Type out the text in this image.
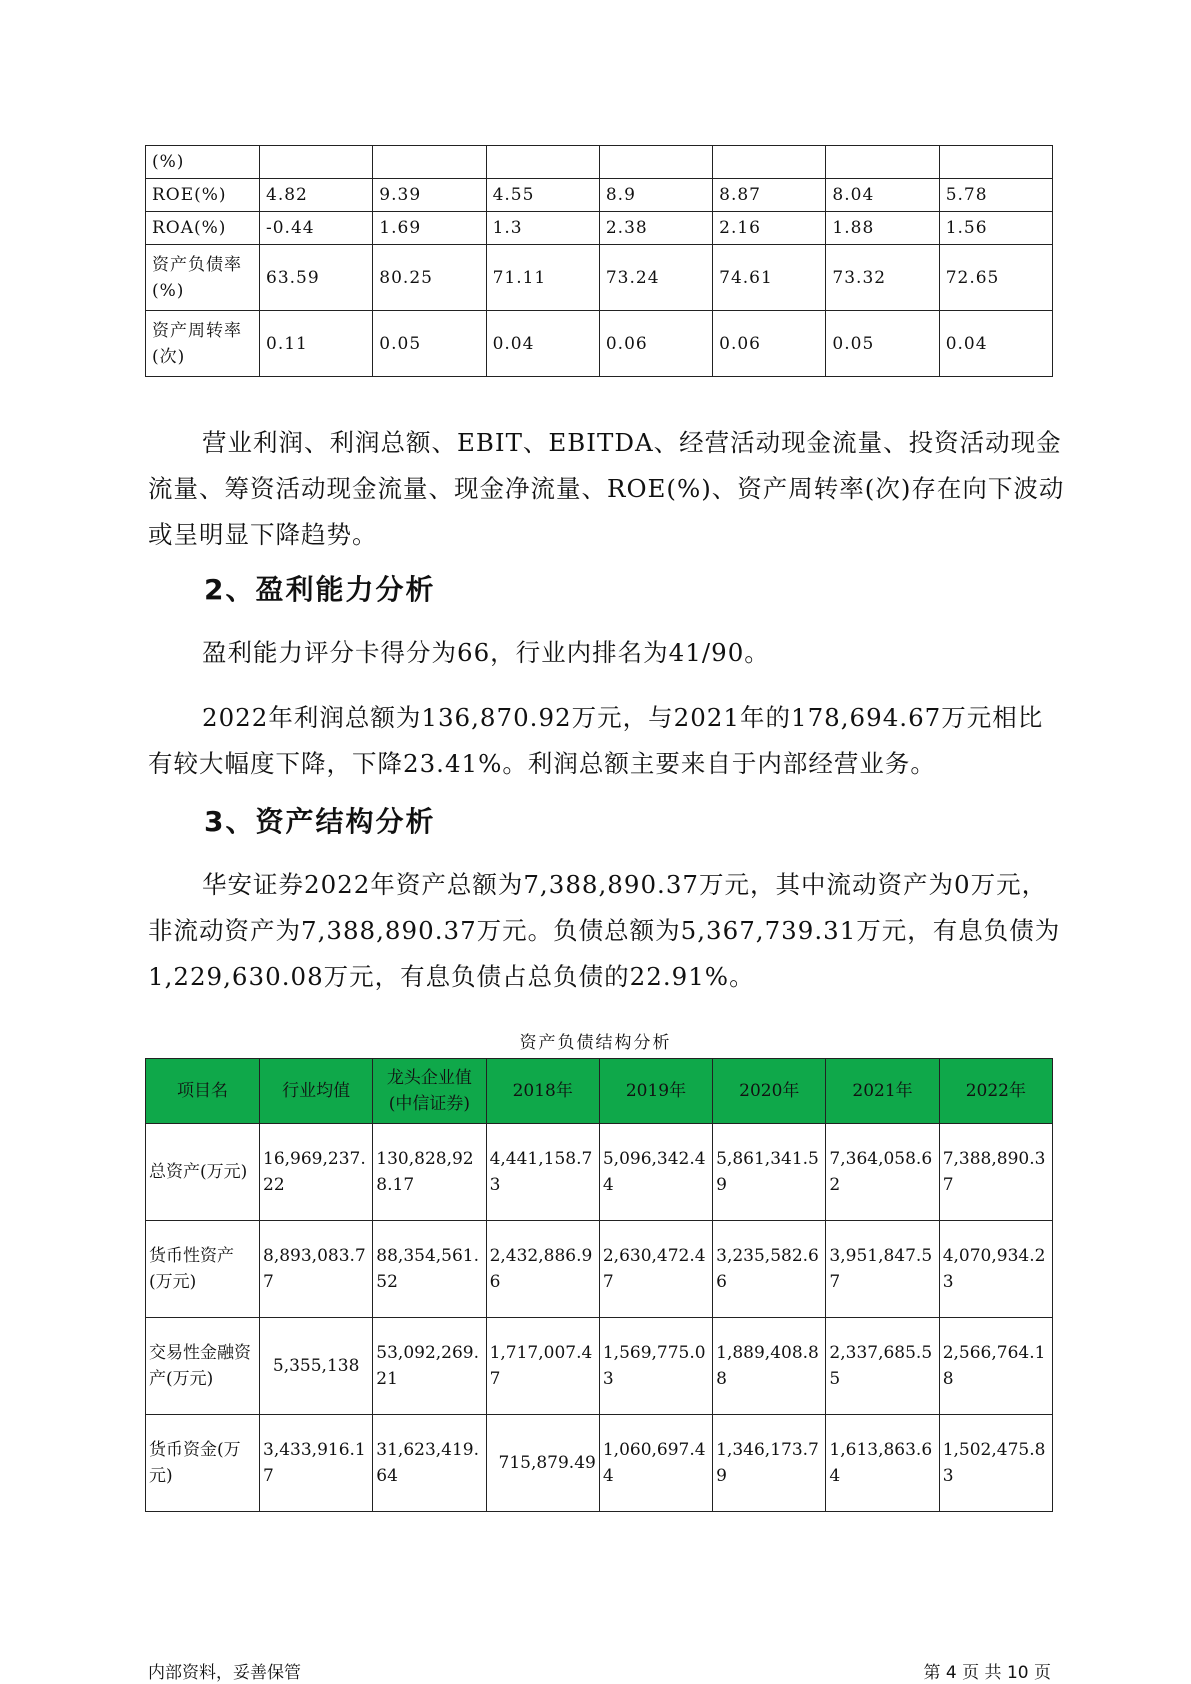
(%)							
ROE(%)	4.82	9.39	4.55	8.9	8.87	8.04	5.78
ROA(%)	-0.44	1.69	1.3	2.38	2.16	1.88	1.56
资产负债率(%)	63.59	80.25	71.11	73.24	74.61	73.32	72.65
资产周转率(次)	0.11	0.05	0.04	0.06	0.06	0.05	0.04

营业利润、利润总额、EBIT、EBITDA、经营活动现金流量、投资活动现金流量、筹资活动现金流量、现金净流量、ROE(%)、资产周转率(次)存在向下波动或呈明显下降趋势。

2、盈利能力分析

盈利能力评分卡得分为66，行业内排名为41/90。

2022年利润总额为136,870.92万元，与2021年的178,694.67万元相比有较大幅度下降，下降23.41%。利润总额主要来自于内部经营业务。

3、资产结构分析

华安证券2022年资产总额为7,388,890.37万元，其中流动资产为0万元，非流动资产为7,388,890.37万元。负债总额为5,367,739.31万元，有息负债为1,229,630.08万元，有息负债占总负债的22.91%。

资产负债结构分析
项目名	行业均值	龙头企业值(中信证券)	2018年	2019年	2020年	2021年	2022年
总资产(万元)	16,969,237.22	130,828,928.17	4,441,158.73	5,096,342.44	5,861,341.59	7,364,058.62	7,388,890.37
货币性资产(万元)	8,893,083.77	88,354,561.52	2,432,886.96	2,630,472.47	3,235,582.66	3,951,847.57	4,070,934.23
交易性金融资产(万元)	5,355,138	53,092,269.21	1,717,007.47	1,569,775.03	1,889,408.88	2,337,685.55	2,566,764.18
货币资金(万元)	3,433,916.17	31,623,419.64	715,879.49	1,060,697.44	1,346,173.79	1,613,863.64	1,502,475.83
内部资料，妥善保管	第 4 页 共 10 页
